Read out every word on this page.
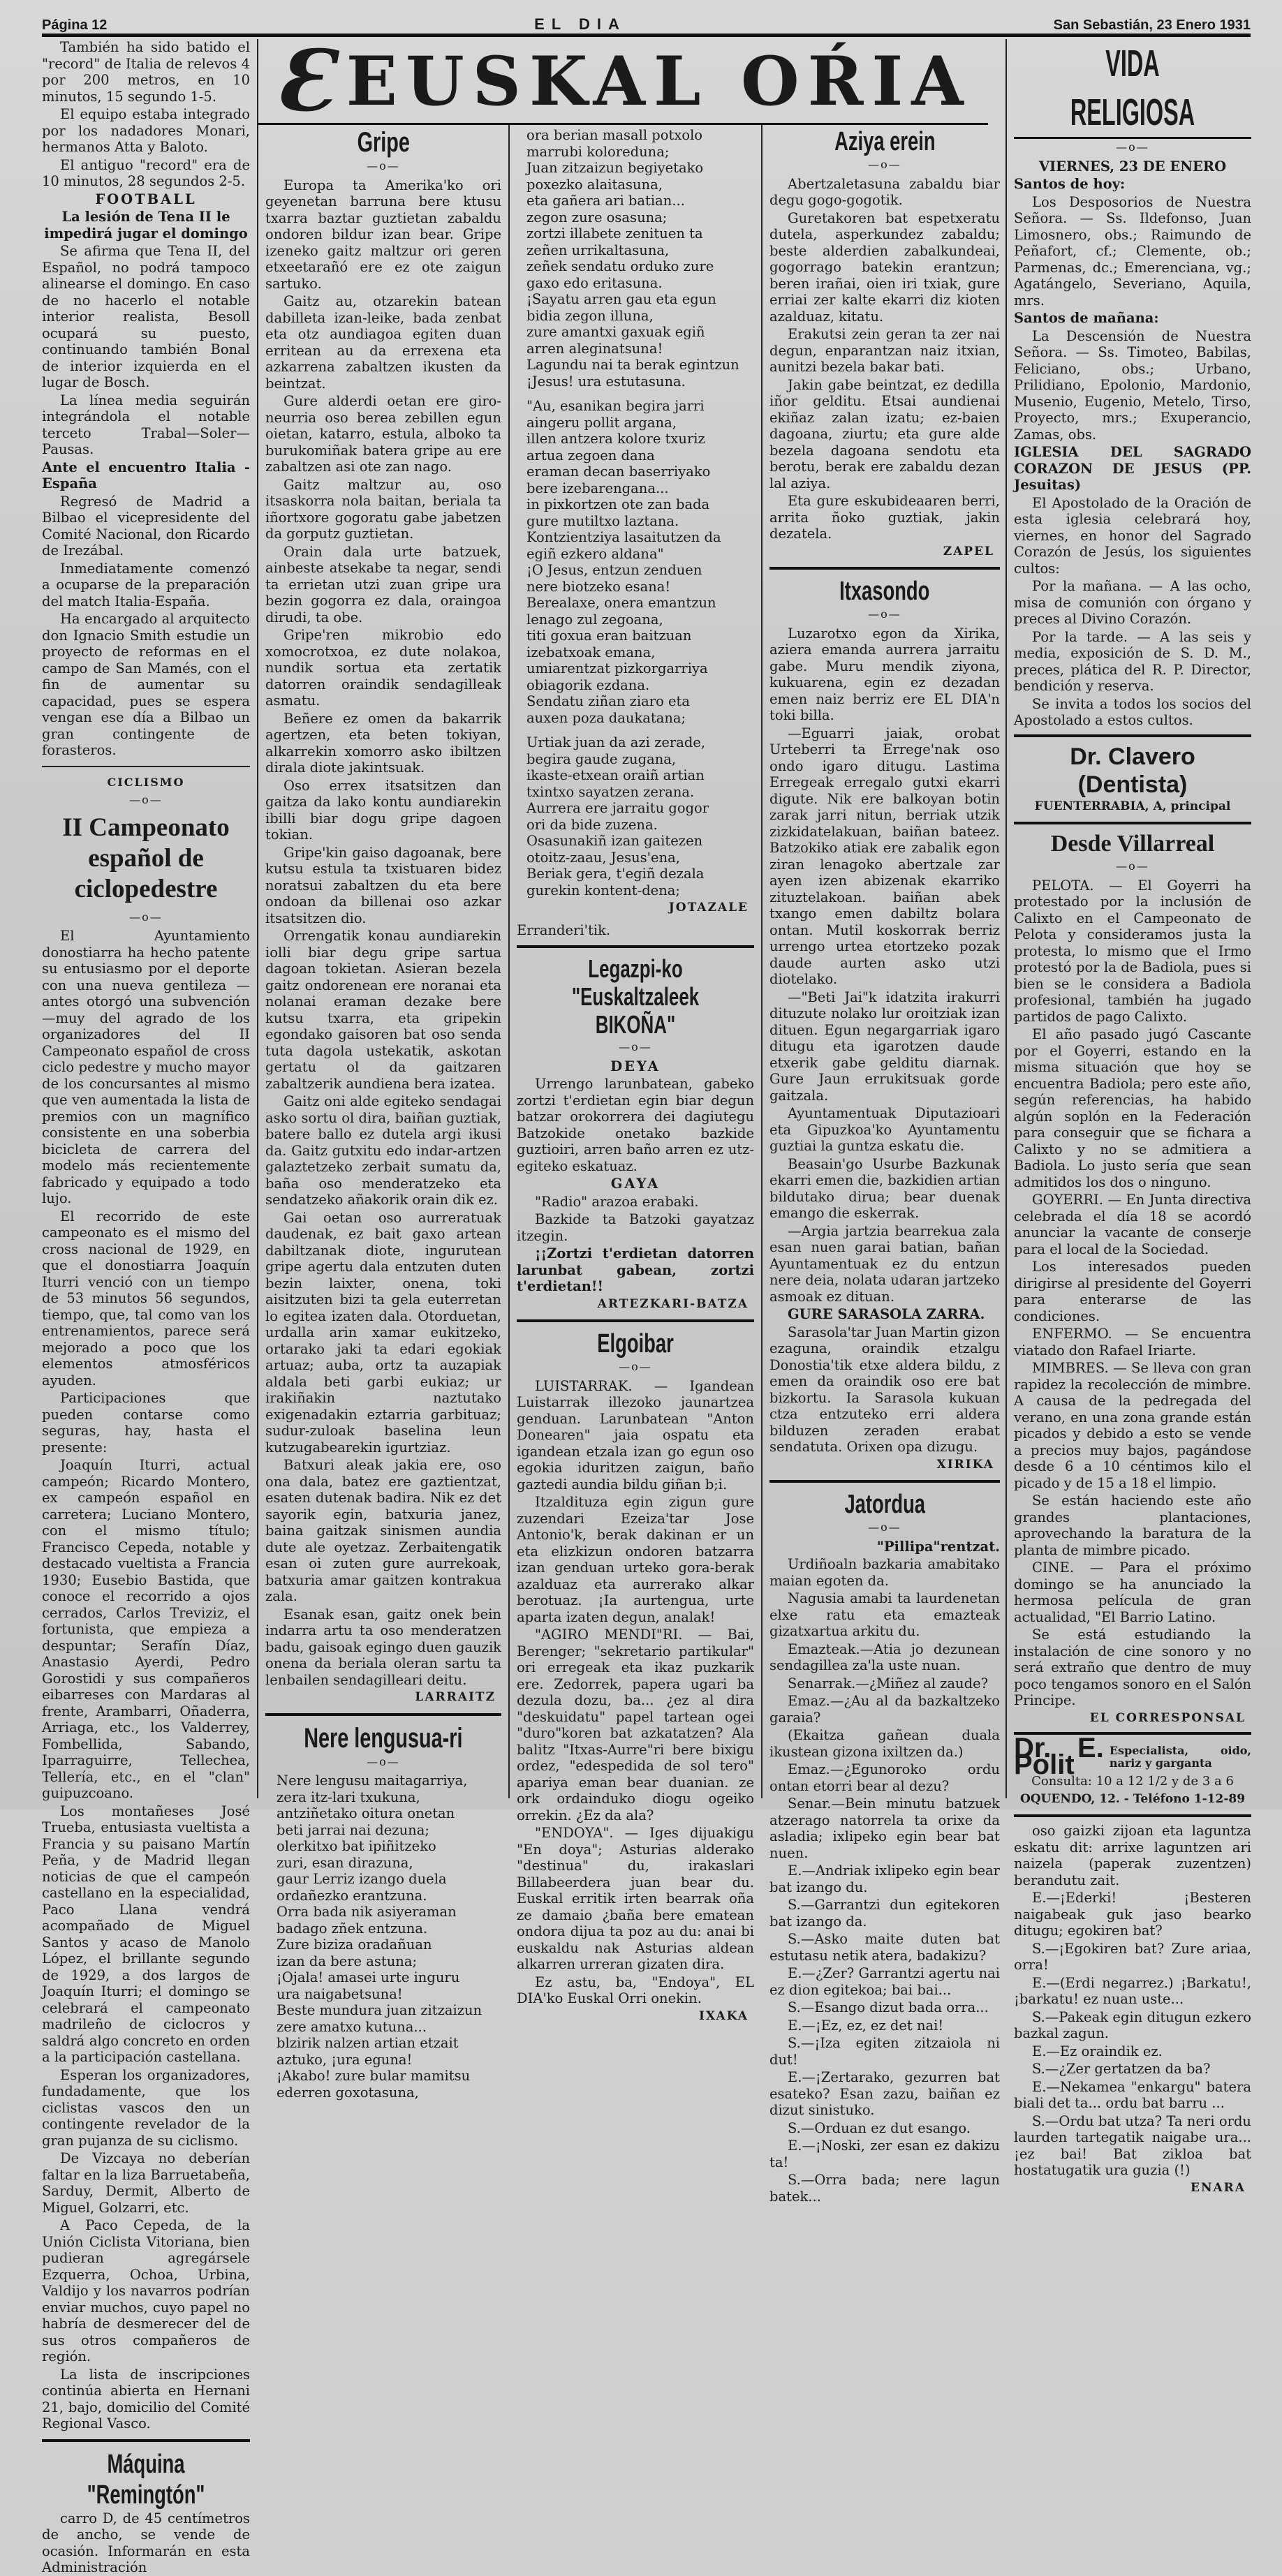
Página 12	EL DIA	San Sebastián, 23 Enero 1931
Ɛ EUSKAL OŔIA

También ha sido batido el "record" de Italia de relevos 4 por 200 metros, en 10 minutos, 15 segundo 1-5.

El equipo estaba integrado por los nadadores Monari, hermanos Atta y Baloto.

El antiguo "record" era de 10 minutos, 28 segundos 2-5.

FOOTBALL

La lesión de Tena II le impedirá jugar el domingo

Se afirma que Tena II, del Español, no podrá tampoco alinearse el domingo. En caso de no hacerlo el notable interior realista, Besoll ocupará su puesto, continuando también Bonal de interior izquierda en el lugar de Bosch.

La línea media seguirán integrándola el notable terceto Trabal—Soler—Pausas.

Ante el encuentro Italia - España

Regresó de Madrid a Bilbao el vicepresidente del Comité Nacional, don Ricardo de Irezábal.

Inmediatamente comenzó a ocuparse de la preparación del match Italia-España.

Ha encargado al arquitecto don Ignacio Smith estudie un proyecto de reformas en el campo de San Mamés, con el fin de aumentar su capacidad, pues se espera vengan ese día a Bilbao un gran contingente de forasteros.

CICLISMO

—o—
II Campeonato español de ciclopedestre
—o—

El Ayuntamiento donostiarra ha hecho patente su entusiasmo por el deporte con una nueva gentileza —antes otorgó una subvención—muy del agrado de los organizadores del II Campeonato español de cross ciclo pedestre y mucho mayor de los concursantes al mismo que ven aumentada la lista de premios con un magnífico consistente en una soberbia bicicleta de carrera del modelo más recientemente fabricado y equipado a todo lujo.

El recorrido de este campeonato es el mismo del cross nacional de 1929, en que el donostiarra Joaquín Iturri venció con un tiempo de 53 minutos 56 segundos, tiempo, que, tal como van los entrenamientos, parece será mejorado a poco que los elementos atmosféricos ayuden.

Participaciones que pueden contarse como seguras, hay, hasta el presente:

Joaquín Iturri, actual campeón; Ricardo Montero, ex campeón español en carretera; Luciano Montero, con el mismo título; Francisco Cepeda, notable y destacado vueltista a Francia 1930; Eusebio Bastida, que conoce el recorrido a ojos cerrados, Carlos Treviziz, el fortunista, que empieza a despuntar; Serafín Díaz, Anastasio Ayerdi, Pedro Gorostidi y sus compañeros eibarreses con Mardaras al frente, Arambarri, Oñaderra, Arriaga, etc., los Valderrey, Fombellida, Sabando, Iparraguirre, Tellechea, Tellería, etc., en el "clan" guipuzcoano.

Los montañeses José Trueba, entusiasta vueltista a Francia y su paisano Martín Peña, y de Madrid llegan noticias de que el campeón castellano en la especialidad, Paco Llana vendrá acompañado de Miguel Santos y acaso de Manolo López, el brillante segundo de 1929, a dos largos de Joaquín Iturri; el domingo se celebrará el campeonato madrileño de ciclocros y saldrá algo concreto en orden a la participación castellana.

Esperan los organizadores, fundadamente, que los ciclistas vascos den un contingente revelador de la gran pujanza de su ciclismo.

De Vizcaya no deberían faltar en la liza Barruetabeña, Sarduy, Dermit, Alberto de Miguel, Golzarri, etc.

A Paco Cepeda, de la Unión Ciclista Vitoriana, bien pudieran agregársele Ezquerra, Ochoa, Urbina, Valdijo y los navarros podrían enviar muchos, cuyo papel no habría de desmerecer del de sus otros compañeros de región.

La lista de inscripciones continúa abierta en Hernani 21, bajo, domicilio del Comité Regional Vasco.

Máquina "Remingtón"

carro D, de 45 centímetros de ancho, se vende de ocasión. Informarán en esta Administración

Gripe
—o—

Europa ta Amerika'ko ori geyenetan barruna bere ktusu txarra baztar guztietan zabaldu ondoren bildur izan bear. Gripe izeneko gaitz maltzur ori geren etxeetarañó ere ez ote zaigun sartuko.

Gaitz au, otzarekin batean dabilleta izan-leike, bada zenbat eta otz aundiagoa egiten duan erritean au da errexena eta azkarrena zabaltzen ikusten da beintzat.

Gure alderdi oetan ere giro-neurria oso berea zebillen egun oietan, katarro, estula, alboko ta burukomiñak batera gripe au ere zabaltzen asi ote zan nago.

Gaitz maltzur au, oso itsaskorra nola baitan, beriala ta iñortxore gogoratu gabe jabetzen da gorputz guztietan.

Orain dala urte batzuek, ainbeste atsekabe ta negar, sendi ta errietan utzi zuan gripe ura bezin gogorra ez dala, oraingoa dirudi, ta obe.

Gripe'ren mikrobio edo xomocrotxoa, ez dute nolakoa, nundik sortua eta zertatik datorren oraindik sendagilleak asmatu.

Beñere ez omen da bakarrik agertzen, eta beten tokiyan, alkarrekin xomorro asko ibiltzen dirala diote jakintsuak.

Oso errex itsatsitzen dan gaitza da lako kontu aundiarekin ibilli biar dogu gripe dagoen tokian.

Gripe'kin gaiso dagoanak, bere kutsu estula ta txistuaren bidez noratsui zabaltzen du eta bere ondoan da billenai oso azkar itsatsitzen dio.

Orrengatik konau aundiarekin iolli biar degu gripe sartua dagoan tokietan. Asieran bezela gaitz ondorenean ere noranai eta nolanai eraman dezake bere kutsu txarra, eta gripekin egondako gaisoren bat oso senda tuta dagola ustekatik, askotan gertatu ol da gaitzaren zabaltzerik aundiena bera izatea.

Gaitz oni alde egiteko sendagai asko sortu ol dira, baiñan guztiak, batere ballo ez dutela argi ikusi da. Gaitz gutxitu edo indar-artzen galaztetzeko zerbait sumatu da, baña oso menderatzeko eta sendatzeko añakorik orain dik ez.

Gai oetan oso aurreratuak daudenak, ez bait gaxo artean dabiltzanak diote, ingurutean gripe agertu dala entzuten duten bezin laixter, onena, toki aisitzuten bizi ta gela euterretan lo egitea izaten dala. Otorduetan, urdalla arin xamar eukitzeko, ortarako jaki ta edari egokiak artuaz; auba, ortz ta auzapiak aldala beti garbi eukiaz; ur irakiñakin naztutako exigenadakin eztarria garbituaz; sudur-zuloak baselina leun kutzugabearekin igurtziaz.

Batxuri aleak jakia ere, oso ona dala, batez ere gaztientzat, esaten dutenak badira. Nik ez det sayorik egin, batxuria janez, baina gaitzak sinismen aundia dute ale oyetzaz. Zerbaitengatik esan oi zuten gure aurrekoak, batxuria amar gaitzen kontrakua zala.

Esanak esan, gaitz onek bein indarra artu ta oso menderatzen badu, gaisoak egingo duen gauzik onena da beriala oleran sartu ta lenbailen sendagilleari deitu.

LARRAITZ
Nere lengusua-ri
—o—

Nere lengusu maitagarriya,

zera itz-lari txukuna,

antziñetako oitura onetan

beti jarrai nai dezuna;

olerkitxo bat ipiñitzeko

zuri, esan dirazuna,

gaur Lerriz izango duela

ordañezko erantzuna.

Orra bada nik asiyeraman

badago zñek entzuna.

Zure biziza oradañuan

izan da bere astuna;

¡Ojala! amasei urte inguru

ura naigabetsuna!

Beste mundura juan zitzaizun

zere amatxo kutuna...

blzirik nalzen artian etzait

aztuko, ¡ura eguna!

¡Akabo! zure bular mamitsu

ederren goxotasuna,

ora berian masall potxolo

marrubi koloreduna;

Juan zitzaizun begiyetako

poxezko alaitasuna,

eta gañera ari batian...

zegon zure osasuna;

zortzi illabete zenituen ta

zeñen urrikaltasuna,

zeñek sendatu orduko zure

gaxo edo eritasuna.

¡Sayatu arren gau eta egun

bidia zegon illuna,

zure amantxi gaxuak egiñ

arren aleginatsuna!

Lagundu nai ta berak egintzun

¡Jesus! ura estutasuna.

"Au, esanikan begira jarri

aingeru pollit argana,

illen antzera kolore txuriz

artua zegoen dana

eraman decan baserriyako

bere izebarengana...

in pixkortzen ote zan bada

gure mutiltxo laztana.

Kontzientziya lasaitutzen da

egiñ ezkero aldana"

¡O Jesus, entzun zenduen

nere biotzeko esana!

Berealaxe, onera emantzun

lenago zul zegoana,

titi goxua eran baitzuan

izebatxoak emana,

umiarentzat pizkorgarriya

obiagorik ezdana.

Sendatu ziñan ziaro eta

auxen poza daukatana;

Urtiak juan da azi zerade,

begira gaude zugana,

ikaste-etxean oraiñ artian

txintxo sayatzen zerana.

Aurrera ere jarraitu gogor

ori da bide zuzena.

Osasunakiñ izan gaitezen

otoitz-zaau, Jesus'ena,

Beriak gera, t'egiñ dezala

gurekin kontent-dena;

JOTAZALE

Erranderi'tik.

Legazpi-ko "Euskaltzaleek BIKOÑA"
—o—

DEYA

Urrengo larunbatean, gabeko zortzi t'erdietan egin biar degun batzar orokorrera dei dagiutegu Batzokide onetako bazkide guztioiri, arren baño arren ez utz-egiteko eskatuaz.

GAYA

"Radio" arazoa erabaki.

Bazkide ta Batzoki gayatzaz itzegin.

¡¡Zortzi t'erdietan datorren larunbat gabean, zortzi t'erdietan!!

ARTEZKARI-BATZA
Elgoibar
—o—

LUISTARRAK. — Igandean Luistarrak illezoko jaunartzea genduan. Larunbatean "Anton Donearen" jaia ospatu eta igandean etzala izan go egun oso egokia iduritzen zaigun, baño gaztedi aundia bildu giñan b;i.

Itzaldituza egin zigun gure zuzendari Ezeiza'tar Jose Antonio'k, berak dakinan er un eta elizkizun ondoren batzarra izan genduan urteko gora-berak azalduaz eta aurrerako alkar berotuaz. ¡Ia aurtengua, urte aparta izaten degun, analak!

"AGIRO MENDI"RI. — Bai, Berenger; "sekretario partikular" ori erregeak eta ikaz puzkarik ere. Zedorrek, papera ugari ba dezula dozu, ba... ¿ez al dira "deskuidatu" papel tartean ogei "duro"koren bat azkatatzen? Ala balitz "Itxas-Aurre"ri bere bixigu ordez, "edespedida de sol tero" apariya eman bear duanian. ze ork ordainduko diogu ogeiko orrekin. ¿Ez da ala?

"ENDOYA". — Iges dijuakigu "En doya"; Asturias alderako "destinua" du, irakaslari Billabeerdera juan bear du. Euskal erritik irten bearrak oña ze damaio ¿baña bere ematean ondora dijua ta poz au du: anai bi euskaldu nak Asturias aldean alkarren urreran gizaten dira.

Ez astu, ba, "Endoya", EL DIA'ko Euskal Orri onekin.

IXAKA
Aziya erein
—o—

Abertzaletasuna zabaldu biar degu gogo-gogotik.

Guretakoren bat espetxeratu dutela, asperkundez zabaldu; beste alderdien zabalkundeai, gogorrago batekin erantzun; beren irañai, oien iri txiak, gure erriai zer kalte ekarri diz kioten azalduaz, kitatu.

Erakutsi zein geran ta zer nai degun, enparantzan naiz itxian, aunitzi bezela bakar bati.

Jakin gabe beintzat, ez dedilla iñor gelditu. Etsai aundienai ekiñaz zalan izatu; ez-baien dagoana, ziurtu; eta gure alde bezela dagoana sendotu eta berotu, berak ere zabaldu dezan lal aziya.

Eta gure eskubideaaren berri, arrita ñoko guztiak, jakin dezatela.

ZAPEL
Itxasondo
—o—

Luzarotxo egon da Xirika, aziera emanda aurrera jarraitu gabe. Muru mendik ziyona, kukuarena, egin ez dezadan emen naiz berriz ere EL DIA'n toki billa.

—Eguarri jaiak, orobat Urteberri ta Errege'nak oso ondo igaro ditugu. Lastima Erregeak erregalo gutxi ekarri digute. Nik ere balkoyan botin zarak jarri nitun, berriak utzik zizkidatelakuan, baiñan bateez. Batzokiko atiak ere zabalik egon ziran lenagoko abertzale zar ayen izen abizenak ekarriko zituztelakoan. baiñan abek txango emen dabiltz bolara ontan. Mutil koskorrak berriz urrengo urtea etortzeko pozak daude aurten asko utzi diotelako.

—"Beti Jai"k idatzita irakurri dituzute nolako lur oroitziak izan dituen. Egun negargarriak igaro ditugu eta igarotzen daude etxerik gabe gelditu diarnak. Gure Jaun errukitsuak gorde gaitzala.

Ayuntamentuak Diputazioari eta Gipuzkoa'ko Ayuntamentu guztiai la guntza eskatu die.

Beasain'go Usurbe Bazkunak ekarri emen die, bazkidien artian bildutako dirua; bear duenak emango die eskerrak.

—Argia jartzia bearrekua zala esan nuen garai batian, bañan Ayuntamentuak ez du entzun nere deia, nolata udaran jartzeko asmoak ez dituan.

GURE SARASOLA ZARRA.

Sarasola'tar Juan Martin gizon ezaguna, oraindik etzalgu Donostia'tik etxe aldera bildu, z emen da oraindik oso ere bat bizkortu. Ia Sarasola kukuan ctza entzuteko erri aldera bilduzen zeraden erabat sendatuta. Orixen opa dizugu.

XIRIKA
Jatordua
—o—

"Pillipa"rentzat.

Urdiñoaln bazkaria amabitako maian egoten da.

Nagusia amabi ta laurdenetan elxe ratu eta emazteak gizatxartua arkitu du.

Emazteak.—Atia jo dezunean sendagillea za'la uste nuan.

Senarrak.—¿Miñez al zaude?

Emaz.—¿Au al da bazkaltzeko garaia?

(Ekaitza gañean duala ikustean gizona ixiltzen da.)

Emaz.—¿Egunoroko ordu ontan etorri bear al dezu?

Senar.—Bein minutu batzuek atzerago natorrela ta orixe da asladia; ixlipeko egin bear bat nuen.

E.—Andriak ixlipeko egin bear bat izango du.

S.—Garrantzi dun egitekoren bat izango da.

S.—Asko maite duten bat estutasu netik atera, badakizu?

E.—¿Zer? Garrantzi agertu nai ez dion egitekoa; bai bai...

S.—Esango dizut bada orra...

E.—¡Ez, ez, ez det nai!

S.—¡Iza egiten zitzaiola ni dut!

E.—¡Zertarako, gezurren bat esateko? Esan zazu, baiñan ez dizut sinistuko.

S.—Orduan ez dut esango.

E.—¡Noski, zer esan ez dakizu ta!

S.—Orra bada; nere lagun batek...

VIDA RELIGIOSA
—o—

VIERNES, 23 DE ENERO

Santos de hoy:

Los Desposorios de Nuestra Señora. — Ss. Ildefonso, Juan Limosnero, obs.; Raimundo de Peñafort, cf.; Clemente, ob.; Parmenas, dc.; Emerenciana, vg.; Agatángelo, Severiano, Aquila, mrs.

Santos de mañana:

La Descensión de Nuestra Señora. — Ss. Timoteo, Babilas, Feliciano, obs.; Urbano, Prilidiano, Epolonio, Mardonio, Musenio, Eugenio, Metelo, Tirso, Proyecto, mrs.; Exuperancio, Zamas, obs.

IGLESIA DEL SAGRADO CORAZON DE JESUS (PP. Jesuitas)

El Apostolado de la Oración de esta iglesia celebrará hoy, viernes, en honor del Sagrado Corazón de Jesús, los siguientes cultos:

Por la mañana. — A las ocho, misa de comunión con órgano y preces al Divino Corazón.

Por la tarde. — A las seis y media, exposición de S. D. M., preces, plática del R. P. Director, bendición y reserva.

Se invita a todos los socios del Apostolado a estos cultos.

Dr. Clavero (Dentista)

FUENTERRABIA, A, principal

Desde Villarreal
—o—

PELOTA. — El Goyerri ha protestado por la inclusión de Calixto en el Campeonato de Pelota y consideramos justa la protesta, lo mismo que el Irmo protestó por la de Badiola, pues si bien se le considera a Badiola profesional, también ha jugado partidos de pago Calixto.

El año pasado jugó Cascante por el Goyerri, estando en la misma situación que hoy se encuentra Badiola; pero este año, según referencias, ha habido algún soplón en la Federación para conseguir que se fichara a Calixto y no se admitiera a Badiola. Lo justo sería que sean admitidos los dos o ninguno.

GOYERRI. — En Junta directiva celebrada el día 18 se acordó anunciar la vacante de conserje para el local de la Sociedad.

Los interesados pueden dirigirse al presidente del Goyerri para enterarse de las condiciones.

ENFERMO. — Se encuentra viatado don Rafael Iriarte.

MIMBRES. — Se lleva con gran rapidez la recolección de mimbre. A causa de la pedregada del verano, en una zona grande están picados y debido a esto se vende a precios muy bajos, pagándose desde 6 a 10 céntimos kilo el picado y de 15 a 18 el limpio.

Se están haciendo este año grandes plantaciones, aprovechando la baratura de la planta de mimbre picado.

CINE. — Para el próximo domingo se ha anunciado la hermosa película de gran actualidad, "El Barrio Latino.

Se está estudiando la instalación de cine sonoro y no será extraño que dentro de muy poco tengamos sonoro en el Salón Principe.

EL CORRESPONSAL
Dr. E. Polit	Especialista, oido, nariz y garganta

Consulta: 10 a 12 1/2 y de 3 a 6

OQUENDO, 12. - Teléfono 1-12-89

oso gaizki zijoan eta laguntza eskatu dit: arrixe laguntzen ari naizela (paperak zuzentzen) berandutu zait.

E.—¡Ederki! ¡Besteren naigabeak guk jaso bearko ditugu; egokiren bat?

S.—¡Egokiren bat? Zure ariaa, orra!

E.—(Erdi negarrez.) ¡Barkatu!, ¡barkatu! ez nuan uste...

S.—Pakeak egin ditugun ezkero bazkal zagun.

E.—Ez oraindik ez.

S.—¿Zer gertatzen da ba?

E.—Nekamea "enkargu" batera biali det ta... ordu bat barru ...

S.—Ordu bat utza? Ta neri ordu laurden tartegatik naigabe ura... ¡ez bai! Bat zikloa bat hostatugatik ura guzia (!)

ENARA
